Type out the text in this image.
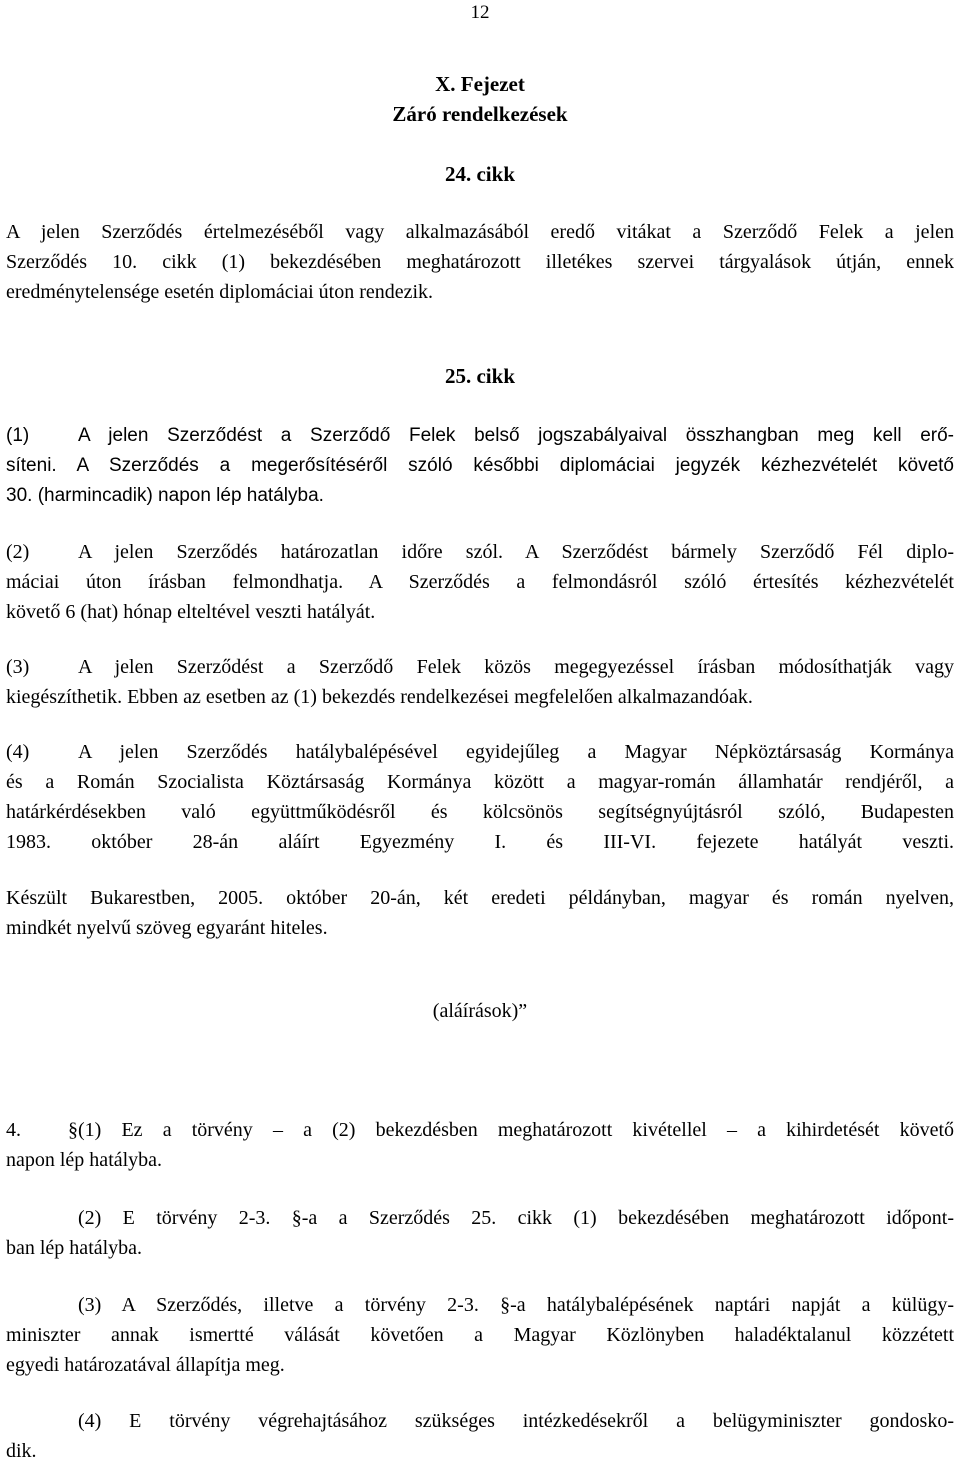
12
X. Fejezet
Záró rendelkezések
24. cikk
A jelen Szerződés értelmezéséből vagy alkalmazásából eredő vitákat a Szerződő Felek a jelen
Szerződés 10. cikk (1) bekezdésében meghatározott illetékes szervei tárgyalások útján, ennek
eredménytelensége esetén diplomáciai úton rendezik.
25. cikk
(1)	A jelen Szerződést a Szerződő Felek belső jogszabályaival összhangban meg kell erő-
síteni. A Szerződés a megerősítéséről szóló későbbi diplomáciai jegyzék kézhezvételét követő
30. (harmincadik) napon lép hatályba.
(2) A jelen Szerződés határozatlan időre szól. A Szerződést bármely Szerződő Fél diplo-
máciai úton írásban felmondhatja. A Szerződés a felmondásról szóló értesítés kézhezvételét
követő 6 (hat) hónap elteltével veszti hatályát.
(3) A jelen Szerződést a Szerződő Felek közös megegyezéssel írásban módosíthatják vagy
kiegészíthetik. Ebben az esetben az (1) bekezdés rendelkezései megfelelően alkalmazandóak.
(4) A jelen Szerződés hatálybalépésével egyidejűleg a Magyar Népköztársaság Kormánya
és a Román Szocialista Köztársaság Kormánya között a magyar-román államhatár rendjéről, a
határkérdésekben való együttműködésről és kölcsönös segítségnyújtásról szóló, Budapesten
1983. október 28-án aláírt Egyezmény I. és III-VI. fejezete hatályát veszti.
Készült Bukarestben, 2005. október 20-án, két eredeti példányban, magyar és román nyelven,
mindkét nyelvű szöveg egyaránt hiteles.
(aláírások)”
4. §(1) Ez a törvény – a (2) bekezdésben meghatározott kivétellel – a kihirdetését követő
napon lép hatályba.
(2) E törvény 2-3. §-a a Szerződés 25. cikk (1) bekezdésében meghatározott időpont-
ban lép hatályba.
(3) A Szerződés, illetve a törvény 2-3. §-a hatálybalépésének naptári napját a külügy-
miniszter annak ismertté válását követően a Magyar Közlönyben haladéktalanul közzétett
egyedi határozatával állapítja meg.
(4) E törvény végrehajtásához szükséges intézkedésekről a belügyminiszter gondosko-
dik.
